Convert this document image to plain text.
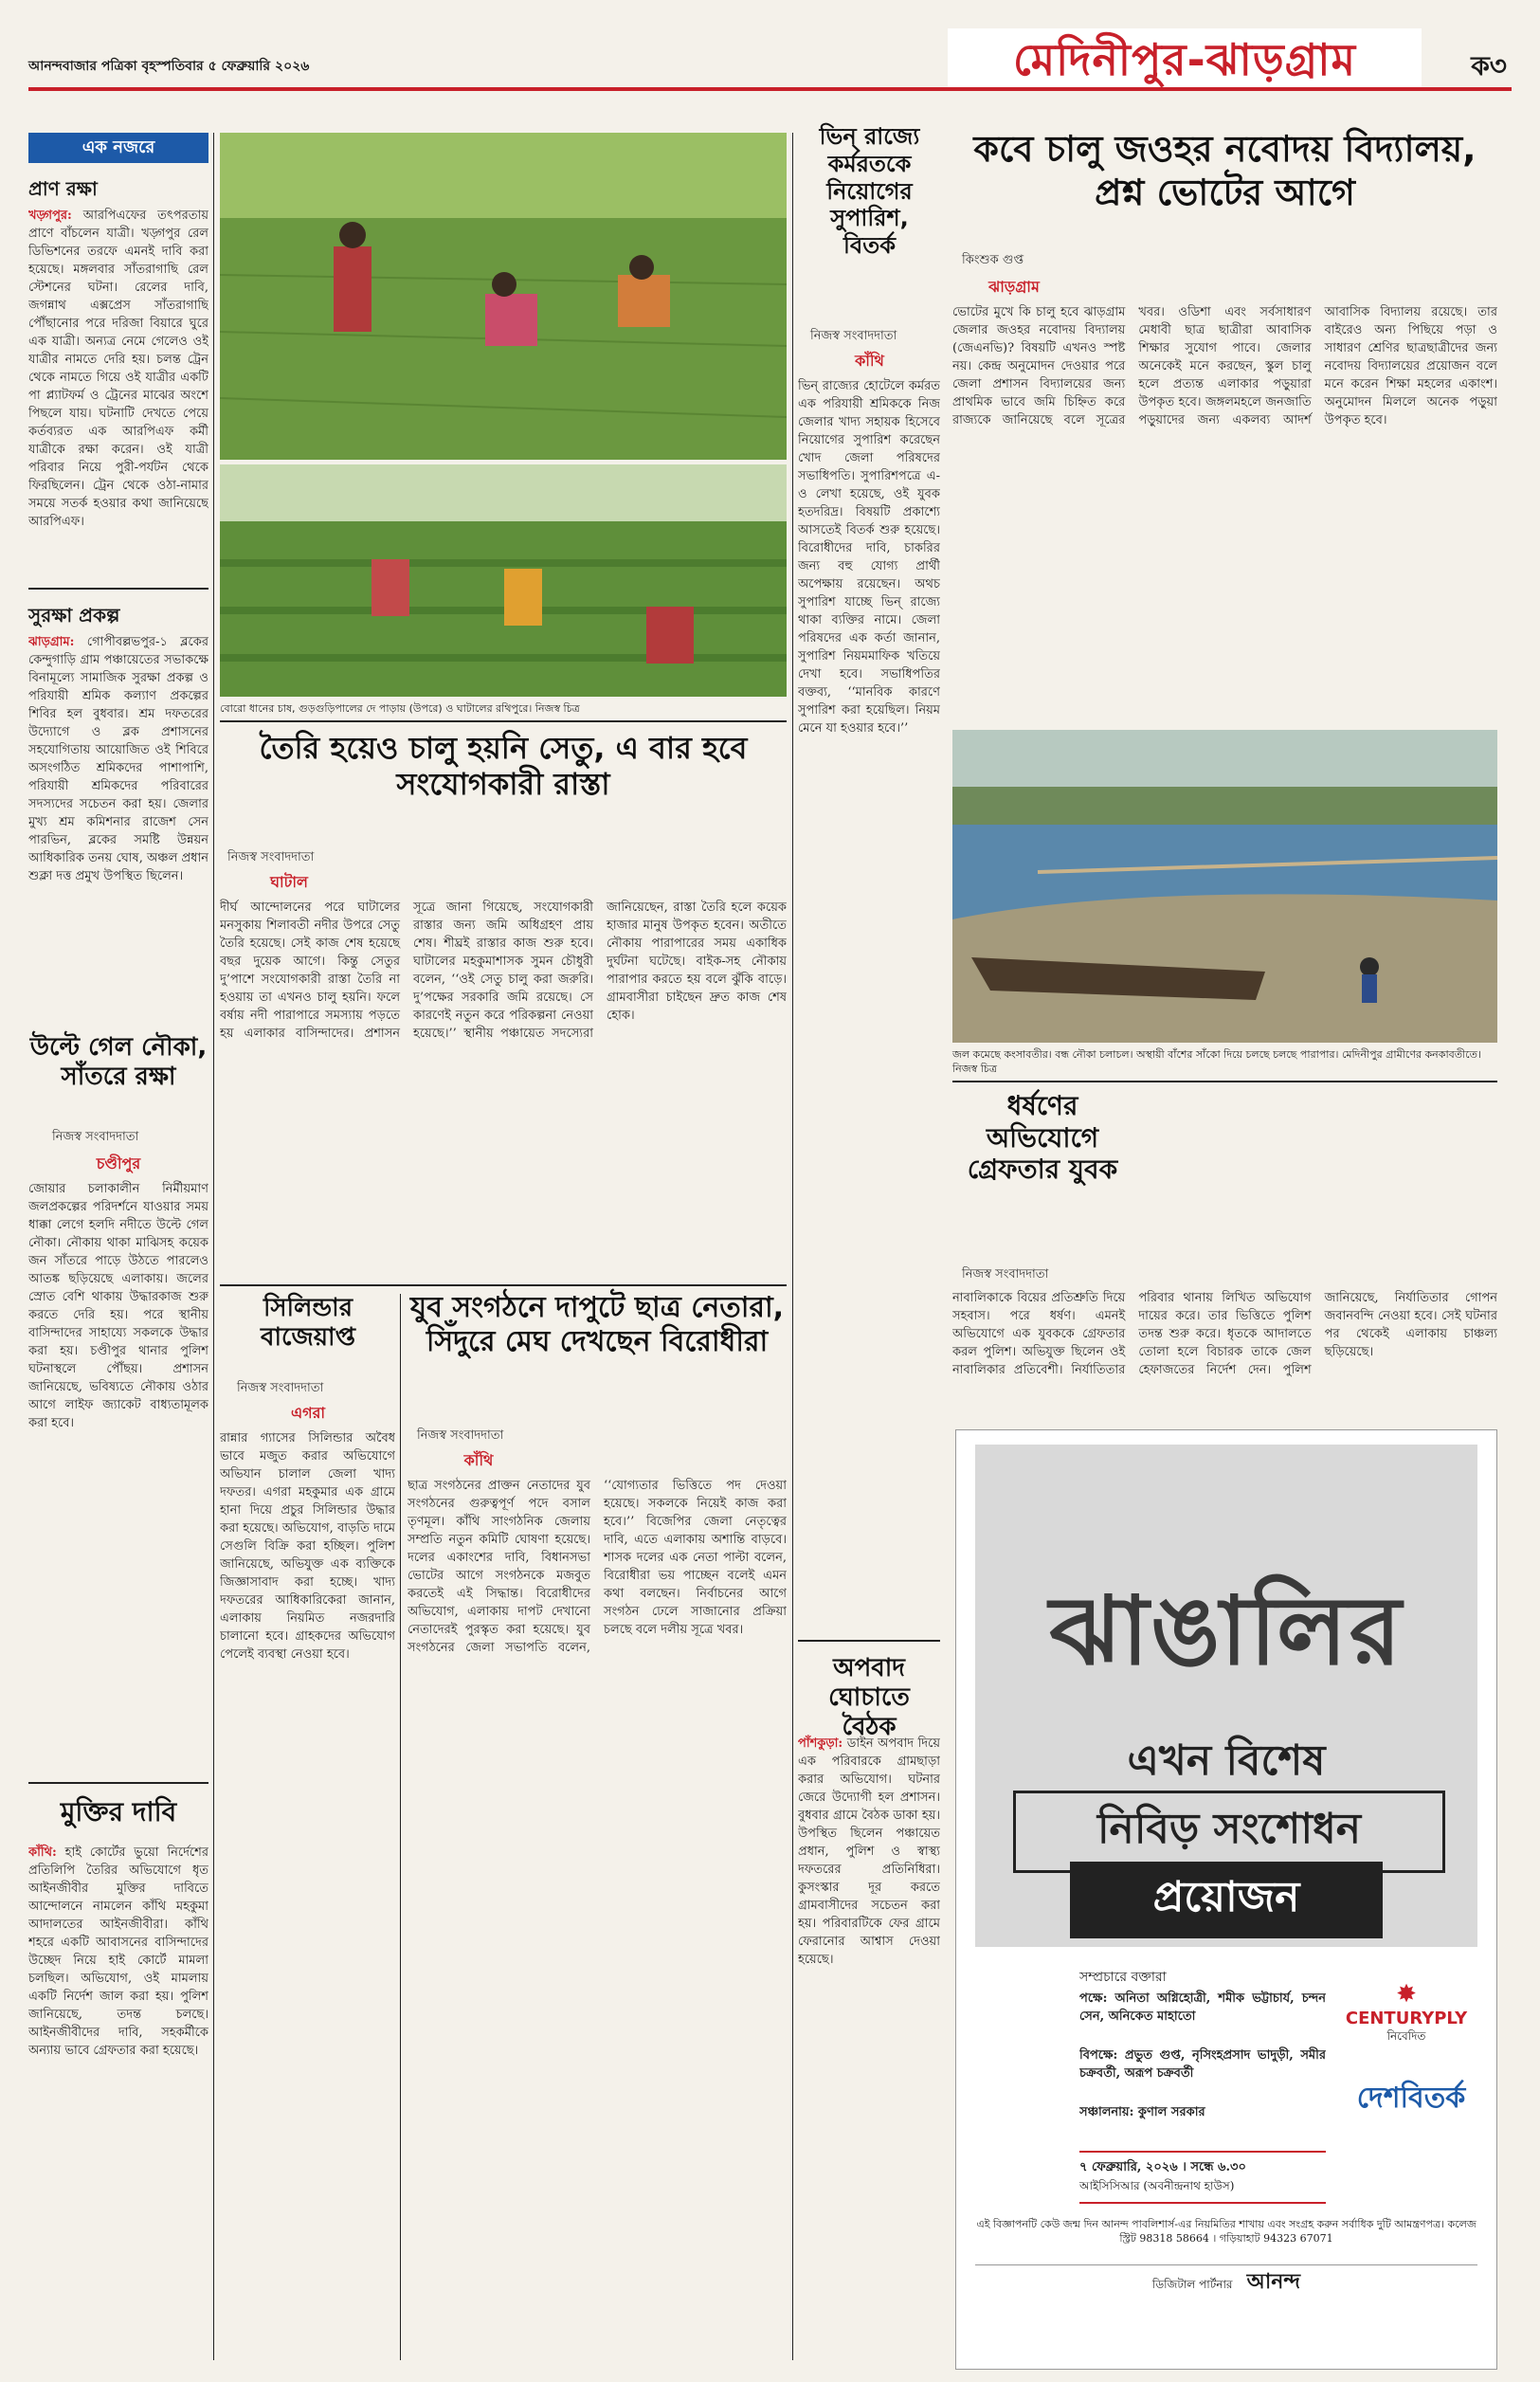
আনন্দবাজার পত্রিকা বৃহস্পতিবার ৫ ফেব্রুয়ারি ২০২৬	মেদিনীপুর-ঝাড়গ্রাম	ক৩
এক নজরে
প্রাণ রক্ষা
খড়্গপুর: আরপিএফের তৎপরতায় প্রাণে বাঁচলেন যাত্রী। খড়্গপুর রেল ডিভিশনের তরফে এমনই দাবি করা হয়েছে। মঙ্গলবার সাঁতরাগাছি রেল স্টেশনের ঘটনা। রেলের দাবি, জগন্নাথ এক্সপ্রেস সাঁতরাগাছি পৌঁছানোর পরে দরিজা বিয়ারে ঘুরে এক যাত্রী। অন্যত্র নেমে গেলেও ওই যাত্রীর নামতে দেরি হয়। চলন্ত ট্রেন থেকে নামতে গিয়ে ওই যাত্রীর একটি পা প্ল্যাটফর্ম ও ট্রেনের মাঝের অংশে পিছলে যায়। ঘটনাটি দেখতে পেয়ে কর্তব্যরত এক আরপিএফ কর্মী যাত্রীকে রক্ষা করেন। ওই যাত্রী পরিবার নিয়ে পুরী-পর্যটন থেকে ফিরছিলেন। ট্রেন থেকে ওঠা-নামার সময়ে সতর্ক হওয়ার কথা জানিয়েছে আরপিএফ।
সুরক্ষা প্রকল্প
ঝাড়গ্রাম: গোপীবল্লভপুর-১ ব্লকের কেন্দুগাড়ি গ্রাম পঞ্চায়েতের সভাকক্ষে বিনামূল্যে সামাজিক সুরক্ষা প্রকল্প ও পরিযায়ী শ্রমিক কল্যাণ প্রকল্পের শিবির হল বুধবার। শ্রম দফতরের উদ্যোগে ও ব্লক প্রশাসনের সহযোগিতায় আয়োজিত ওই শিবিরে অসংগঠিত শ্রমিকদের পাশাপাশি, পরিযায়ী শ্রমিকদের পরিবারের সদস্যদের সচেতন করা হয়। জেলার মুখ্য শ্রম কমিশনার রাজেশ সেন পারভিন, ব্লকের সমষ্টি উন্নয়ন আধিকারিক তনয় ঘোষ, অঞ্চল প্রধান শুক্লা দত্ত প্রমুখ উপস্থিত ছিলেন।
উল্টে গেল নৌকা, সাঁতরে রক্ষা
নিজস্ব সংবাদদাতা
চণ্ডীপুর
জোয়ার চলাকালীন নির্মীয়মাণ জলপ্রকল্পের পরিদর্শনে যাওয়ার সময় ধাক্কা লেগে হলদি নদীতে উল্টে গেল নৌকা। নৌকায় থাকা মাঝিসহ কয়েক জন সাঁতরে পাড়ে উঠতে পারলেও আতঙ্ক ছড়িয়েছে এলাকায়। জলের স্রোত বেশি থাকায় উদ্ধারকাজ শুরু করতে দেরি হয়। পরে স্থানীয় বাসিন্দাদের সাহায্যে সকলকে উদ্ধার করা হয়। চণ্ডীপুর থানার পুলিশ ঘটনাস্থলে পৌঁছয়। প্রশাসন জানিয়েছে, ভবিষ্যতে নৌকায় ওঠার আগে লাইফ জ্যাকেট বাধ্যতামূলক করা হবে।
মুক্তির দাবি
কাঁথি: হাই কোর্টের ভুয়ো নির্দেশের প্রতিলিপি তৈরির অভিযোগে ধৃত আইনজীবীর মুক্তির দাবিতে আন্দোলনে নামলেন কাঁথি মহকুমা আদালতের আইনজীবীরা। কাঁথি শহরে একটি আবাসনের বাসিন্দাদের উচ্ছেদ নিয়ে হাই কোর্টে মামলা চলছিল। অভিযোগ, ওই মামলায় একটি নির্দেশ জাল করা হয়। পুলিশ জানিয়েছে, তদন্ত চলছে। আইনজীবীদের দাবি, সহকর্মীকে অন্যায় ভাবে গ্রেফতার করা হয়েছে।
বোরো ধানের চাষ, গুড়গুড়িপালের দে পাড়ায় (উপরে) ও ঘাটালের রথিপুরে। নিজস্ব চিত্র
তৈরি হয়েও চালু হয়নি সেতু, এ বার হবে সংযোগকারী রাস্তা
নিজস্ব সংবাদদাতা
ঘাটাল
দীর্ঘ আন্দোলনের পরে ঘাটালের মনসুকায় শিলাবতী নদীর উপরে সেতু তৈরি হয়েছে। সেই কাজ শেষ হয়েছে বছর দুয়েক আগে। কিন্তু সেতুর দু’পাশে সংযোগকারী রাস্তা তৈরি না হওয়ায় তা এখনও চালু হয়নি। ফলে বর্ষায় নদী পারাপারে সমস্যায় পড়তে হয় এলাকার বাসিন্দাদের। প্রশাসন সূত্রে জানা গিয়েছে, সংযোগকারী রাস্তার জন্য জমি অধিগ্রহণ প্রায় শেষ। শীঘ্রই রাস্তার কাজ শুরু হবে। ঘাটালের মহকুমাশাসক সুমন চৌধুরী বলেন, ‘‘ওই সেতু চালু করা জরুরি। দু’পক্ষের সরকারি জমি রয়েছে। সে কারণেই নতুন করে পরিকল্পনা নেওয়া হয়েছে।’’ স্থানীয় পঞ্চায়েত সদস্যেরা জানিয়েছেন, রাস্তা তৈরি হলে কয়েক হাজার মানুষ উপকৃত হবেন। অতীতে নৌকায় পারাপারের সময় একাধিক দুর্ঘটনা ঘটেছে। বাইক-সহ নৌকায় পারাপার করতে হয় বলে ঝুঁকি বাড়ে। গ্রামবাসীরা চাইছেন দ্রুত কাজ শেষ হোক।
সিলিন্ডার বাজেয়াপ্ত
নিজস্ব সংবাদদাতা
এগরা
রান্নার গ্যাসের সিলিন্ডার অবৈধ ভাবে মজুত করার অভিযোগে অভিযান চালাল জেলা খাদ্য দফতর। এগরা মহকুমার এক গ্রামে হানা দিয়ে প্রচুর সিলিন্ডার উদ্ধার করা হয়েছে। অভিযোগ, বাড়তি দামে সেগুলি বিক্রি করা হচ্ছিল। পুলিশ জানিয়েছে, অভিযুক্ত এক ব্যক্তিকে জিজ্ঞাসাবাদ করা হচ্ছে। খাদ্য দফতরের আধিকারিকেরা জানান, এলাকায় নিয়মিত নজরদারি চালানো হবে। গ্রাহকদের অভিযোগ পেলেই ব্যবস্থা নেওয়া হবে।
যুব সংগঠনে দাপুটে ছাত্র নেতারা, সিঁদুরে মেঘ দেখছেন বিরোধীরা
নিজস্ব সংবাদদাতা
কাঁথি
ছাত্র সংগঠনের প্রাক্তন নেতাদের যুব সংগঠনের গুরুত্বপূর্ণ পদে বসাল তৃণমূল। কাঁথি সাংগঠনিক জেলায় সম্প্রতি নতুন কমিটি ঘোষণা হয়েছে। দলের একাংশের দাবি, বিধানসভা ভোটের আগে সংগঠনকে মজবুত করতেই এই সিদ্ধান্ত। বিরোধীদের অভিযোগ, এলাকায় দাপট দেখানো নেতাদেরই পুরস্কৃত করা হয়েছে। যুব সংগঠনের জেলা সভাপতি বলেন, ‘‘যোগ্যতার ভিত্তিতে পদ দেওয়া হয়েছে। সকলকে নিয়েই কাজ করা হবে।’’ বিজেপির জেলা নেতৃত্বের দাবি, এতে এলাকায় অশান্তি বাড়বে। শাসক দলের এক নেতা পাল্টা বলেন, বিরোধীরা ভয় পাচ্ছেন বলেই এমন কথা বলছেন। নির্বাচনের আগে সংগঠন ঢেলে সাজানোর প্রক্রিয়া চলছে বলে দলীয় সূত্রে খবর।
ভিন্ রাজ্যে কর্মরতকে নিয়োগের সুপারিশ, বিতর্ক
নিজস্ব সংবাদদাতা
কাঁথি
ভিন্ রাজ্যের হোটেলে কর্মরত এক পরিযায়ী শ্রমিককে নিজ জেলার খাদ্য সহায়ক হিসেবে নিয়োগের সুপারিশ করেছেন খোদ জেলা পরিষদের সভাধিপতি। সুপারিশপত্রে এ-ও লেখা হয়েছে, ওই যুবক হতদরিদ্র। বিষয়টি প্রকাশ্যে আসতেই বিতর্ক শুরু হয়েছে। বিরোধীদের দাবি, চাকরির জন্য বহু যোগ্য প্রার্থী অপেক্ষায় রয়েছেন। অথচ সুপারিশ যাচ্ছে ভিন্ রাজ্যে থাকা ব্যক্তির নামে। জেলা পরিষদের এক কর্তা জানান, সুপারিশ নিয়মমাফিক খতিয়ে দেখা হবে। সভাধিপতির বক্তব্য, ‘‘মানবিক কারণে সুপারিশ করা হয়েছিল। নিয়ম মেনে যা হওয়ার হবে।’’
অপবাদ ঘোচাতে বৈঠক
পাঁশকুড়া: ডাইন অপবাদ দিয়ে এক পরিবারকে গ্রামছাড়া করার অভিযোগ। ঘটনার জেরে উদ্যোগী হল প্রশাসন। বুধবার গ্রামে বৈঠক ডাকা হয়। উপস্থিত ছিলেন পঞ্চায়েত প্রধান, পুলিশ ও স্বাস্থ্য দফতরের প্রতিনিধিরা। কুসংস্কার দূর করতে গ্রামবাসীদের সচেতন করা হয়। পরিবারটিকে ফের গ্রামে ফেরানোর আশ্বাস দেওয়া হয়েছে।
কবে চালু জওহর নবোদয় বিদ্যালয়, প্রশ্ন ভোটের আগে
কিংশুক গুপ্ত
ঝাড়গ্রাম
ভোটের মুখে কি চালু হবে ঝাড়গ্রাম জেলার জওহর নবোদয় বিদ্যালয় (জেএনভি)? বিষয়টি এখনও স্পষ্ট নয়। কেন্দ্র অনুমোদন দেওয়ার পরে জেলা প্রশাসন বিদ্যালয়ের জন্য প্রাথমিক ভাবে জমি চিহ্নিত করে রাজ্যকে জানিয়েছে বলে সূত্রের খবর। ওডিশা এবং সর্বসাধারণ মেধাবী ছাত্র ছাত্রীরা আবাসিক শিক্ষার সুযোগ পাবে। জেলার অনেকেই মনে করছেন, স্কুল চালু হলে প্রত্যন্ত এলাকার পড়ুয়ারা উপকৃত হবে। জঙ্গলমহলে জনজাতি পড়ুয়াদের জন্য একলব্য আদর্শ আবাসিক বিদ্যালয় রয়েছে। তার বাইরেও অন্য পিছিয়ে পড়া ও সাধারণ শ্রেণির ছাত্রছাত্রীদের জন্য নবোদয় বিদ্যালয়ের প্রয়োজন বলে মনে করেন শিক্ষা মহলের একাংশ। অনুমোদন মিললে অনেক পড়ুয়া উপকৃত হবে।
জল কমেছে কংসাবতীর। বন্ধ নৌকা চলাচল। অস্থায়ী বাঁশের সাঁকো দিয়ে চলছে চলছে পারাপার। মেদিনীপুর গ্রামীণের কনকাবতীতে। নিজস্ব চিত্র
ধর্ষণের অভিযোগে গ্রেফতার যুবক
নিজস্ব সংবাদদাতা
নাবালিকাকে বিয়ের প্রতিশ্রুতি দিয়ে সহবাস। পরে ধর্ষণ। এমনই অভিযোগে এক যুবককে গ্রেফতার করল পুলিশ। অভিযুক্ত ছিলেন ওই নাবালিকার প্রতিবেশী। নির্যাতিতার পরিবার থানায় লিখিত অভিযোগ দায়ের করে। তার ভিত্তিতে পুলিশ তদন্ত শুরু করে। ধৃতকে আদালতে তোলা হলে বিচারক তাকে জেল হেফাজতের নির্দেশ দেন। পুলিশ জানিয়েছে, নির্যাতিতার গোপন জবানবন্দি নেওয়া হবে। সেই ঘটনার পর থেকেই এলাকায় চাঞ্চল্য ছড়িয়েছে।
ঝাঙালির
এখন বিশেষ
নিবিড় সংশোধন
প্রয়োজন
সম্প্রচারে বক্তারা
পক্ষে: অনিতা অগ্নিহোত্রী, শমীক ভট্টাচার্য, চন্দন সেন, অনিকেত মাহাতো
বিপক্ষে: প্রভুত গুপ্ত, নৃসিংহপ্রসাদ ভাদুড়ী, সমীর চক্রবর্তী, অরূপ চক্রবর্তী
সঞ্চালনায়: কুণাল সরকার
৭ ফেব্রুয়ারি, ২০২৬ । সন্ধে ৬.৩০
আইসিসিআর (অবনীন্দ্রনাথ হাউস)
✸
CENTURYPLY
নিবেদিত
দেশবিতর্ক
এই বিজ্ঞাপনটি কেউ জন্ম দিন আনন্দ পাবলিশার্স-এর নিয়মিতির শাখায় এবং সংগ্রহ করুন সর্বাধিক দুটি আমন্ত্রণপত্র। কলেজ স্ট্রিট 98318 58664 । গড়িয়াহাট 94323 67071
ডিজিটাল পার্টনার আনন্দ
